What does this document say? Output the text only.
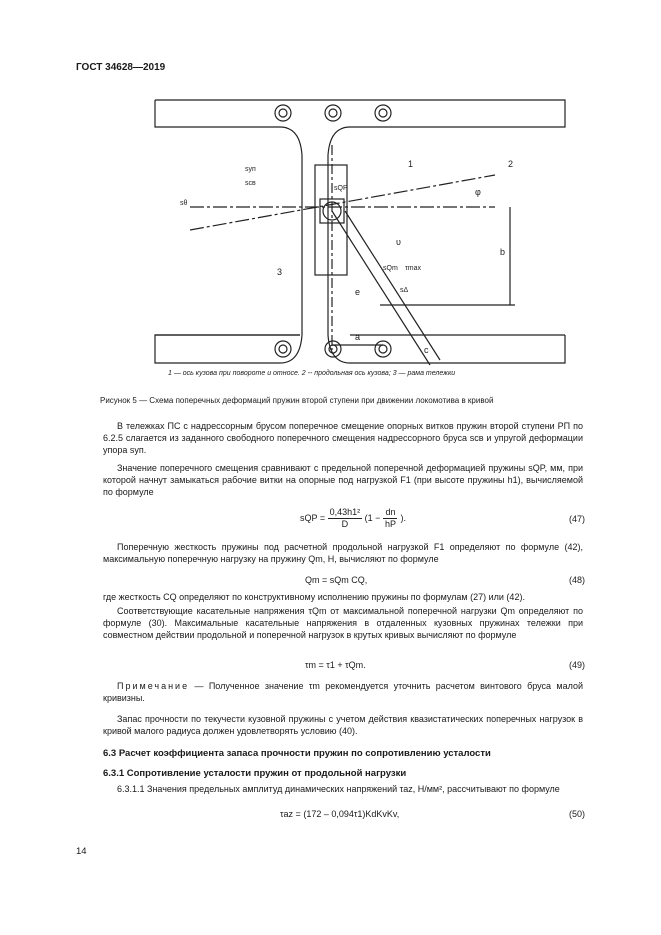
ГОСТ 34628—2019
1	2
3
sуп
sсв
sQP
sQm τmax
sΔ
φ
b
a
c
e
υ
sθ
1 — ось кузова при повороте и относе. 2 -- продольная ось кузова; 3 — рама тележки
Рисунок 5 — Схема поперечных деформаций пружин второй ступени при движении локомотива в кривой
В тележках ПС с надрессорным брусом поперечное смещение опорных витков пружин второй ступени РП по 6.2.5 слагается из заданного свободного поперечного смещения надрессорного бруса sсв и упругой деформации упора sуп.
Значение поперечного смещения сравнивают с предельной поперечной деформацией пружины sQP, мм, при которой начнут замыкаться рабочие витки на опорные под нагрузкой F1 (при высоте пружины h1), вычисляемой по формуле
sQP = $\frac{\text{0,43h1²}}{D} (1 - \frac{dn}{hP}$ ).	(47)
Поперечную жесткость пружины под расчетной продольной нагрузкой F1 определяют по формуле (42), максимальную поперечную нагрузку на пружину Qm, Н, вычисляют по формуле
Qm = sQm CQ,	(48)
где жесткость CQ определяют по конструктивному исполнению пружины по формулам (27) или (42).
Соответствующие касательные напряжения τQm от максимальной поперечной нагрузки Qm определяют по формуле (30). Максимальные касательные напряжения в отдаленных кузовных пружинах тележки при совместном действии продольной и поперечной нагрузок в крутых кривых вычисляют по формуле
τm = τ1 + τQm.	(49)
Примечание — Полученное значение τm рекомендуется уточнить расчетом винтового бруса малой кривизны.
Запас прочности по текучести кузовной пружины с учетом действия квазистатических поперечных нагрузок в кривой малого радиуса должен удовлетворять условию (40).
6.3 Расчет коэффициента запаса прочности пружин по сопротивлению усталости
6.3.1 Сопротивление усталости пружин от продольной нагрузки
6.3.1.1 Значения предельных амплитуд динамических напряжений τaz, Н/мм², рассчитывают по формуле
τaz = (172 – 0,094τ1)KdKvKv,	(50)
14
